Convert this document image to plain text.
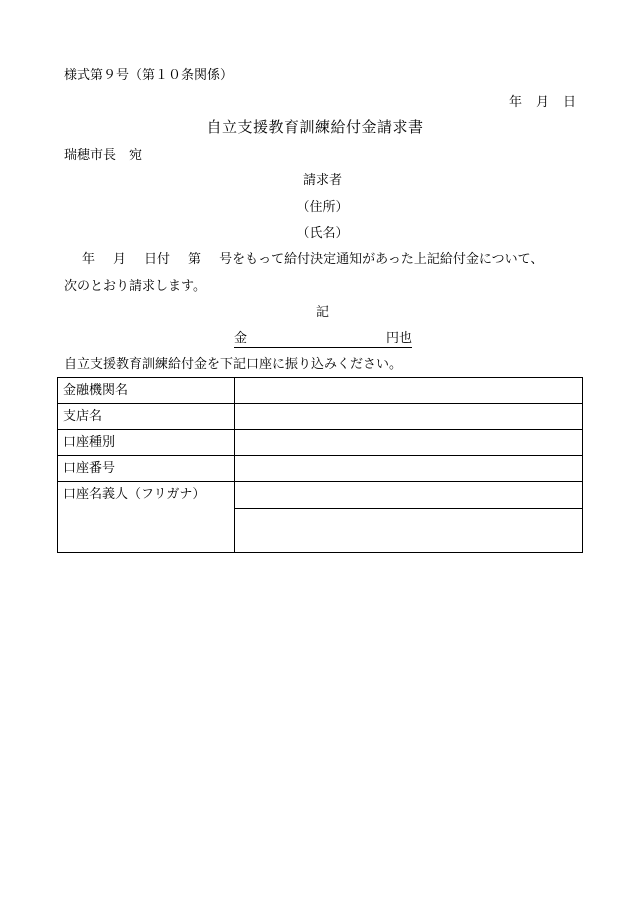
様式第９号（第１０条関係）
年 月 日
自立支援教育訓練給付金請求書
瑞穂市長　宛
請求者
（住所）
（氏名）
年 月 日付 第 号をもって給付決定通知があった上記給付金について、
次のとおり請求します。
記
金	円也
自立支援教育訓練給付金を下記口座に振り込みください。
金融機関名	
支店名	
口座種別	
口座番号	
口座名義人（フリガナ）	
